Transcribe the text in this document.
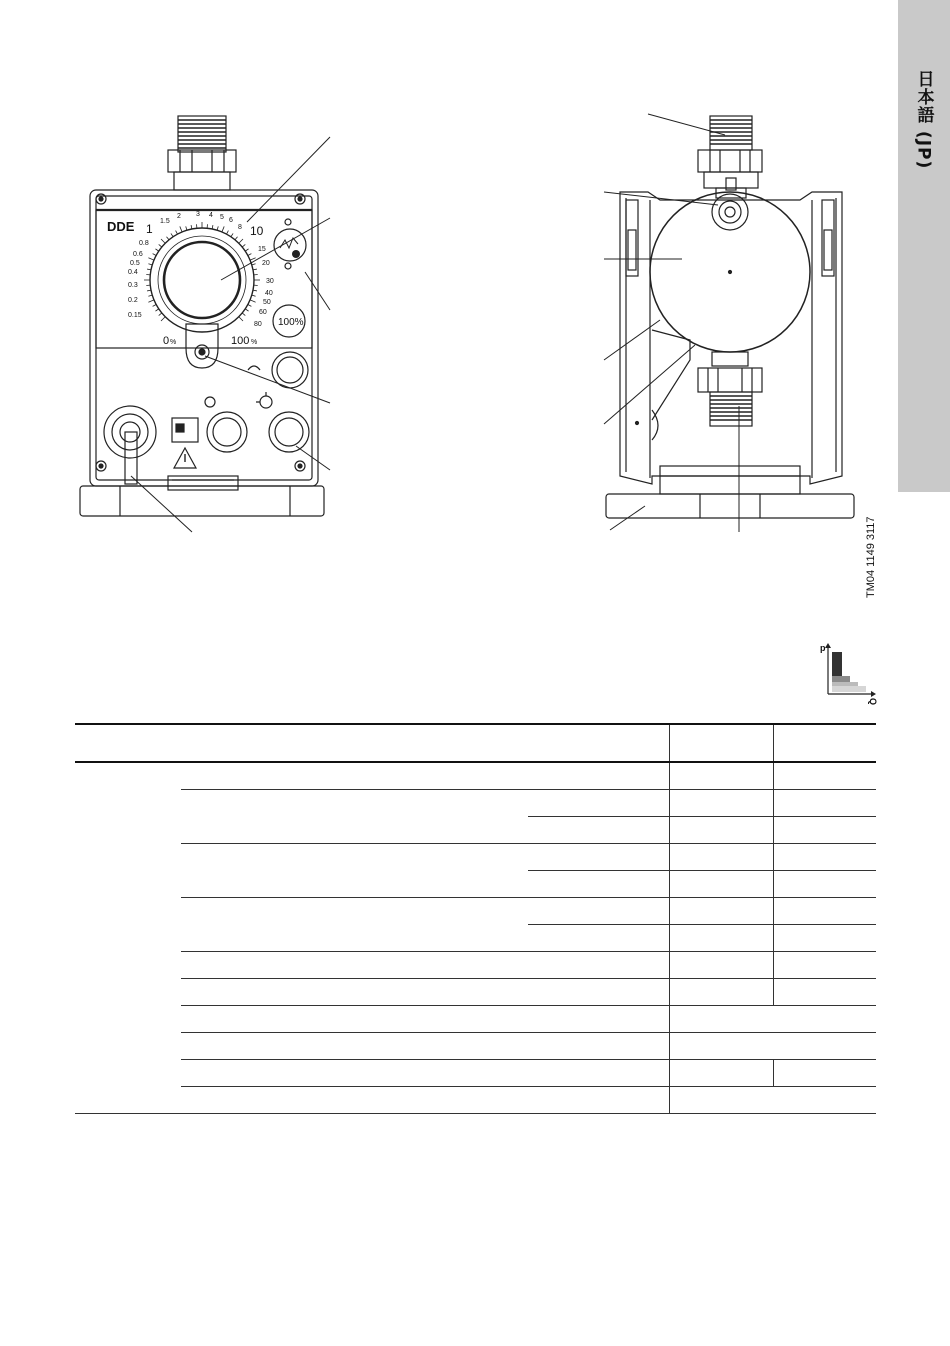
日本語 (JP)
DDE 1
1.5
2 3 4 5 6
8 10
0.8
0.6
0.5
0.4
0.3
0.2
0.15
15
20
30
40
50
60
80
0 %	100 %
100%
TM04 1149 3117
p
Q
